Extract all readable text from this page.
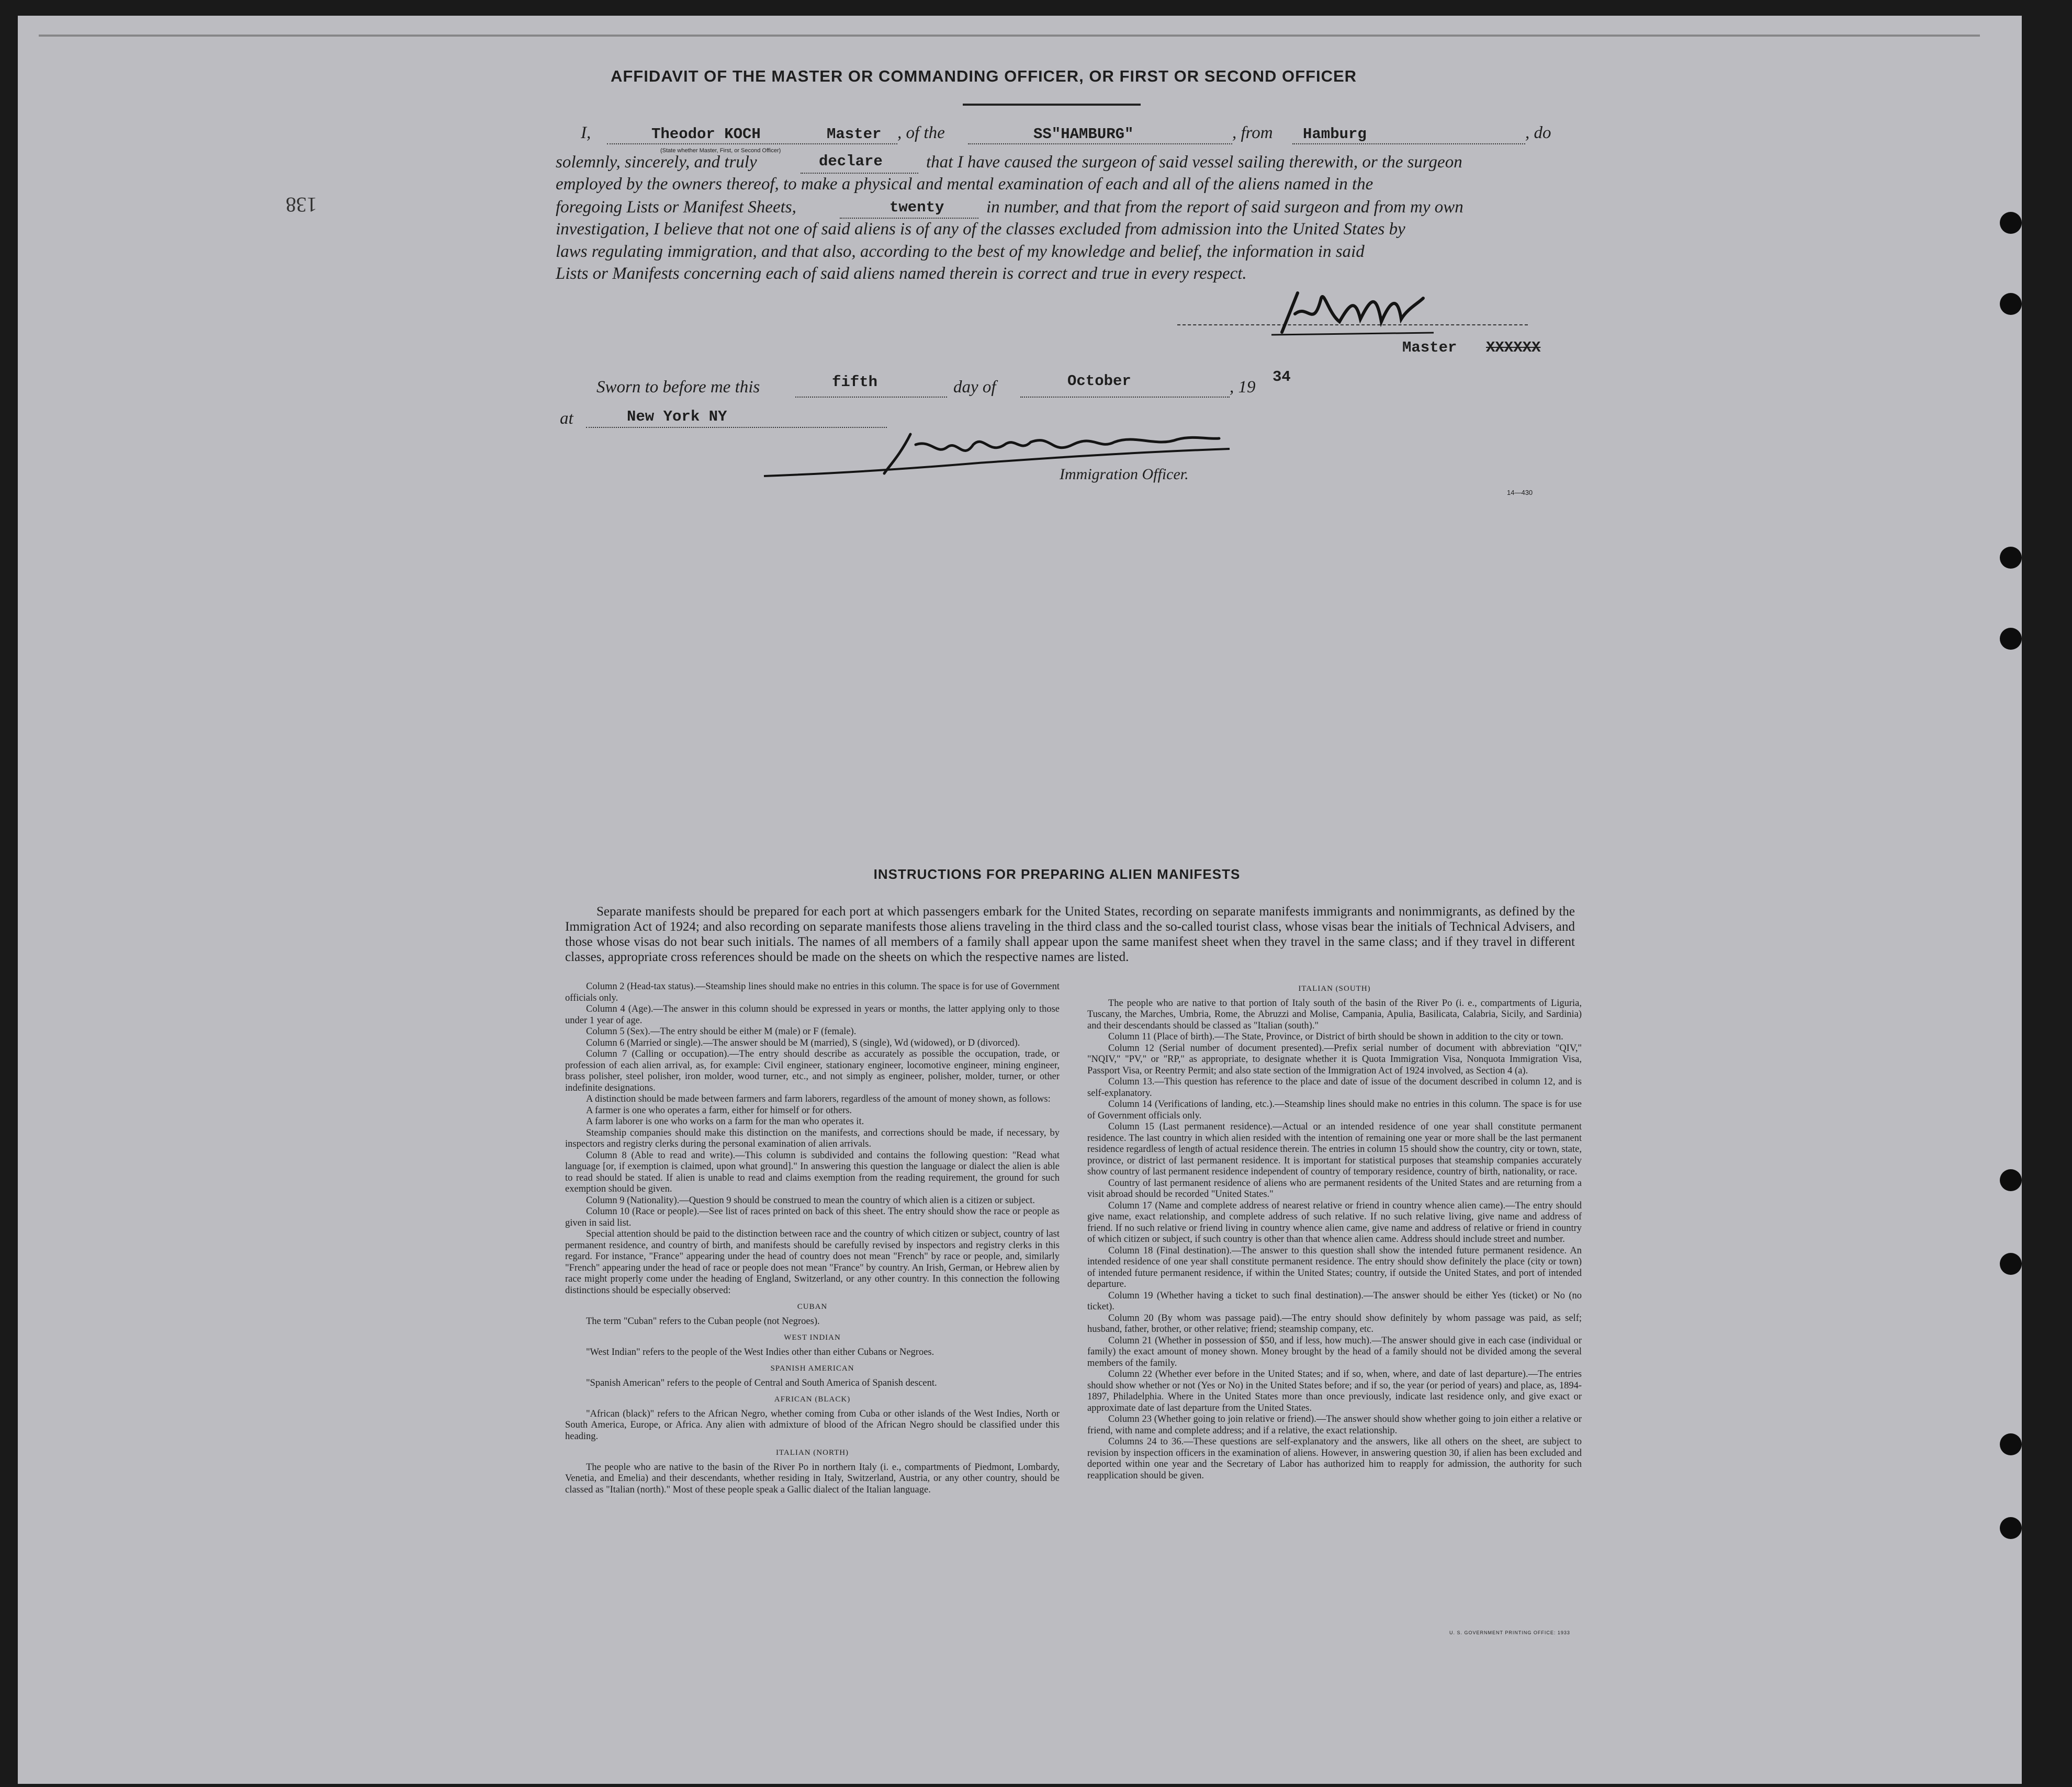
AFFIDAVIT OF THE MASTER OR COMMANDING OFFICER, OR FIRST OR SECOND OFFICER
138
I,	Theodor KOCH	Master
(State whether Master, First, or Second Officer)
, of the	SS"HAMBURG"	, from Hamburg	, do
solemnly, sincerely, and truly	declare	that I have caused the surgeon of said vessel sailing therewith, or the surgeon
employed by the owners thereof, to make a physical and mental examination of each and all of the aliens named in the
foregoing Lists or Manifest Sheets,	twenty in number, and that from the report of said surgeon and from my own
investigation, I believe that not one of said aliens is of any of the classes excluded from admission into the United States by
laws regulating immigration, and that also, according to the best of my knowledge and belief, the information in said
Lists or Manifests concerning each of said aliens named therein is correct and true in every respect.
Master XXXXXX
Sworn to before me this	fifth	day of	October	, 19
34
at	New York NY
Immigration Officer.
14—430
INSTRUCTIONS FOR PREPARING ALIEN MANIFESTS
Separate manifests should be prepared for each port at which passengers embark for the United States, recording on separate manifests immigrants and nonimmigrants, as defined by the Immigration Act of 1924; and also recording on separate manifests those aliens traveling in the third class and the so-called tourist class, whose visas bear the initials of Technical Advisers, and those whose visas do not bear such initials. The names of all members of a family shall appear upon the same manifest sheet when they travel in the same class; and if they travel in different classes, appropriate cross references should be made on the sheets on which the respective names are listed.

Column 2 (Head-tax status).—Steamship lines should make no entries in this column. The space is for use of Government officials only.

Column 4 (Age).—The answer in this column should be expressed in years or months, the latter applying only to those under 1 year of age.

Column 5 (Sex).—The entry should be either M (male) or F (female).

Column 6 (Married or single).—The answer should be M (married), S (single), Wd (widowed), or D (divorced).

Column 7 (Calling or occupation).—The entry should describe as accurately as possible the occupation, trade, or profession of each alien arrival, as, for example: Civil engineer, stationary engineer, locomotive engineer, mining engineer, brass polisher, steel polisher, iron molder, wood turner, etc., and not simply as engineer, polisher, molder, turner, or other indefinite designations.

A distinction should be made between farmers and farm laborers, regardless of the amount of money shown, as follows:

A farmer is one who operates a farm, either for himself or for others.

A farm laborer is one who works on a farm for the man who operates it.

Steamship companies should make this distinction on the manifests, and corrections should be made, if necessary, by inspectors and registry clerks during the personal examination of alien arrivals.

Column 8 (Able to read and write).—This column is subdivided and contains the following question: "Read what language [or, if exemption is claimed, upon what ground]." In answering this question the language or dialect the alien is able to read should be stated. If alien is unable to read and claims exemption from the reading requirement, the ground for such exemption should be given.

Column 9 (Nationality).—Question 9 should be construed to mean the country of which alien is a citizen or subject.

Column 10 (Race or people).—See list of races printed on back of this sheet. The entry should show the race or people as given in said list.

Special attention should be paid to the distinction between race and the country of which citizen or subject, country of last permanent residence, and country of birth, and manifests should be carefully revised by inspectors and registry clerks in this regard. For instance, "France" appearing under the head of country does not mean "French" by race or people, and, similarly "French" appearing under the head of race or people does not mean "France" by country. An Irish, German, or Hebrew alien by race might properly come under the heading of England, Switzerland, or any other country. In this connection the following distinctions should be especially observed:

CUBAN

The term "Cuban" refers to the Cuban people (not Negroes).

WEST INDIAN

"West Indian" refers to the people of the West Indies other than either Cubans or Negroes.

SPANISH AMERICAN

"Spanish American" refers to the people of Central and South America of Spanish descent.

AFRICAN (BLACK)

"African (black)" refers to the African Negro, whether coming from Cuba or other islands of the West Indies, North or South America, Europe, or Africa. Any alien with admixture of blood of the African Negro should be classified under this heading.

ITALIAN (NORTH)

The people who are native to the basin of the River Po in northern Italy (i. e., compartments of Piedmont, Lombardy, Venetia, and Emelia) and their descendants, whether residing in Italy, Switzerland, Austria, or any other country, should be classed as "Italian (north)." Most of these people speak a Gallic dialect of the Italian language.

ITALIAN (SOUTH)

The people who are native to that portion of Italy south of the basin of the River Po (i. e., compartments of Liguria, Tuscany, the Marches, Umbria, Rome, the Abruzzi and Molise, Campania, Apulia, Basilicata, Calabria, Sicily, and Sardinia) and their descendants should be classed as "Italian (south)."

Column 11 (Place of birth).—The State, Province, or District of birth should be shown in addition to the city or town.

Column 12 (Serial number of document presented).—Prefix serial number of document with abbreviation "QIV," "NQIV," "PV," or "RP," as appropriate, to designate whether it is Quota Immigration Visa, Nonquota Immigration Visa, Passport Visa, or Reentry Permit; and also state section of the Immigration Act of 1924 involved, as Section 4 (a).

Column 13.—This question has reference to the place and date of issue of the document described in column 12, and is self-explanatory.

Column 14 (Verifications of landing, etc.).—Steamship lines should make no entries in this column. The space is for use of Government officials only.

Column 15 (Last permanent residence).—Actual or an intended residence of one year shall constitute permanent residence. The last country in which alien resided with the intention of remaining one year or more shall be the last permanent residence regardless of length of actual residence therein. The entries in column 15 should show the country, city or town, state, province, or district of last permanent residence. It is important for statistical purposes that steamship companies accurately show country of last permanent residence independent of country of temporary residence, country of birth, nationality, or race.

Country of last permanent residence of aliens who are permanent residents of the United States and are returning from a visit abroad should be recorded "United States."

Column 17 (Name and complete address of nearest relative or friend in country whence alien came).—The entry should give name, exact relationship, and complete address of such relative. If no such relative living, give name and address of friend. If no such relative or friend living in country whence alien came, give name and address of relative or friend in country of which citizen or subject, if such country is other than that whence alien came. Address should include street and number.

Column 18 (Final destination).—The answer to this question shall show the intended future permanent residence. An intended residence of one year shall constitute permanent residence. The entry should show definitely the place (city or town) of intended future permanent residence, if within the United States; country, if outside the United States, and port of intended departure.

Column 19 (Whether having a ticket to such final destination).—The answer should be either Yes (ticket) or No (no ticket).

Column 20 (By whom was passage paid).—The entry should show definitely by whom passage was paid, as self; husband, father, brother, or other relative; friend; steamship company, etc.

Column 21 (Whether in possession of $50, and if less, how much).—The answer should give in each case (individual or family) the exact amount of money shown. Money brought by the head of a family should not be divided among the several members of the family.

Column 22 (Whether ever before in the United States; and if so, when, where, and date of last departure).—The entries should show whether or not (Yes or No) in the United States before; and if so, the year (or period of years) and place, as, 1894-1897, Philadelphia. Where in the United States more than once previously, indicate last residence only, and give exact or approximate date of last departure from the United States.

Column 23 (Whether going to join relative or friend).—The answer should show whether going to join either a relative or friend, with name and complete address; and if a relative, the exact relationship.

Columns 24 to 36.—These questions are self-explanatory and the answers, like all others on the sheet, are subject to revision by inspection officers in the examination of aliens. However, in answering question 30, if alien has been excluded and deported within one year and the Secretary of Labor has authorized him to reapply for admission, the authority for such reapplication should be given.

U. S. GOVERNMENT PRINTING OFFICE: 1933
